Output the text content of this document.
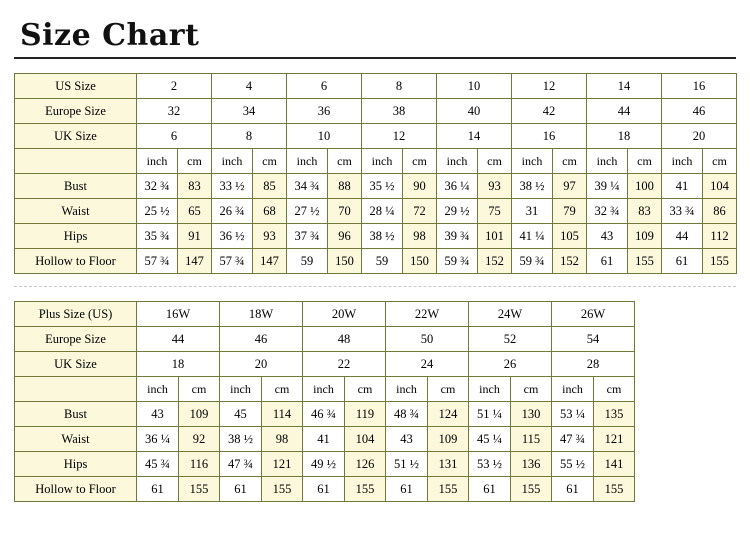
Size Chart
US Size	2		4		6		8		10		12		14		16	
Europe Size	32		34		36		38		40		42		44		46	
UK Size	6		8		10		12		14		16		18		20	
	inch	cm	inch	cm	inch	cm	inch	cm	inch	cm	inch	cm	inch	cm	inch	cm
Bust	32 ¾	83	33 ½	85	34 ¾	88	35 ½	90	36 ¼	93	38 ½	97	39 ¼	100	41	104
Waist	25 ½	65	26 ¾	68	27 ½	70	28 ¼	72	29 ½	75	31	79	32 ¾	83	33 ¾	86
Hips	35 ¾	91	36 ½	93	37 ¾	96	38 ½	98	39 ¾	101	41 ¼	105	43	109	44	112
Hollow to Floor	57 ¾	147	57 ¾	147	59	150	59	150	59 ¾	152	59 ¾	152	61	155	61	155
Plus Size (US)	16W		18W		20W		22W		24W		26W	
Europe Size	44		46		48		50		52		54	
UK Size	18		20		22		24		26		28	
	inch	cm	inch	cm	inch	cm	inch	cm	inch	cm	inch	cm
Bust	43	109	45	114	46 ¾	119	48 ¾	124	51 ¼	130	53 ¼	135
Waist	36 ¼	92	38 ½	98	41	104	43	109	45 ¼	115	47 ¾	121
Hips	45 ¾	116	47 ¾	121	49 ½	126	51 ½	131	53 ½	136	55 ½	141
Hollow to Floor	61	155	61	155	61	155	61	155	61	155	61	155
